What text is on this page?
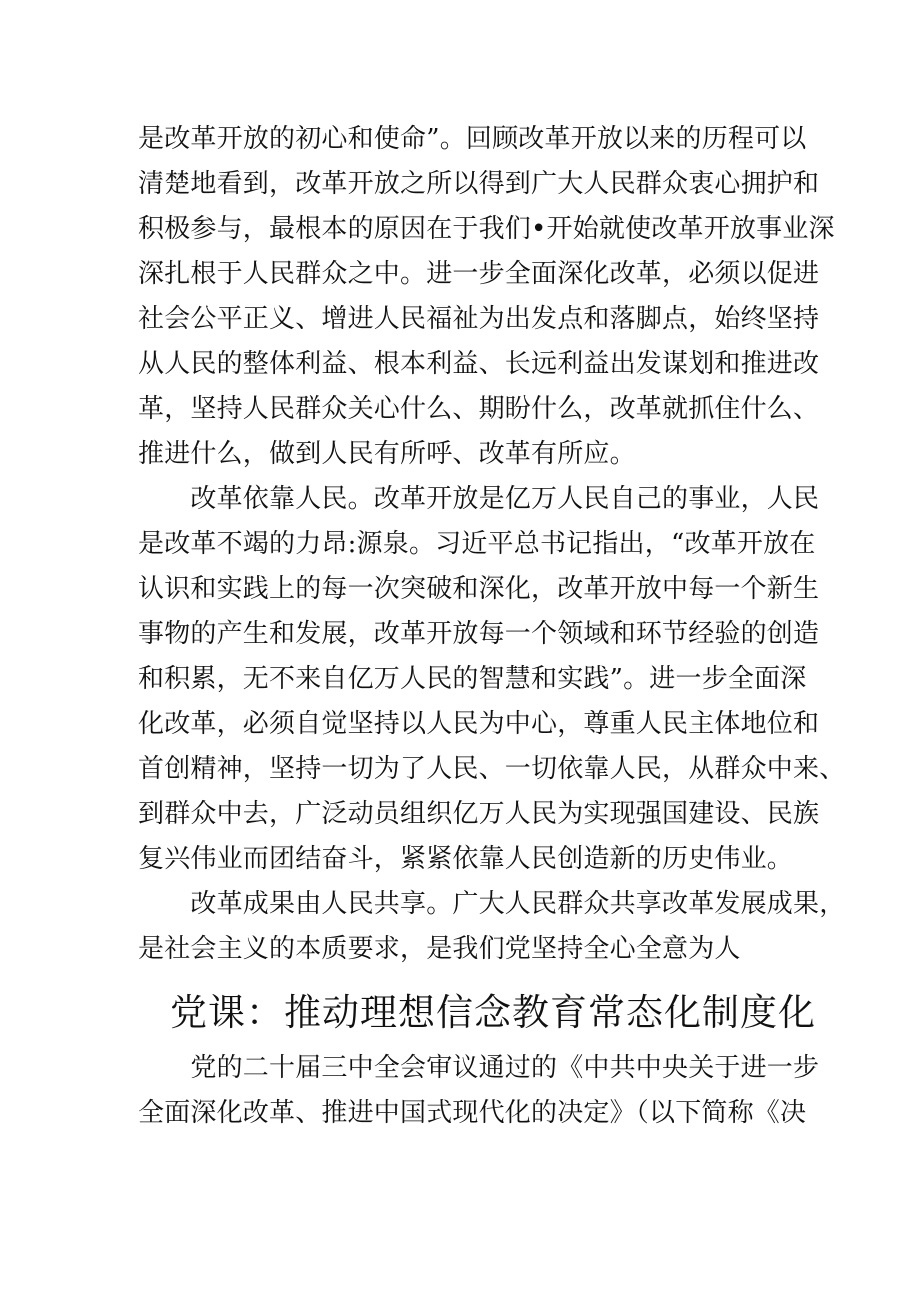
是改革开放的初心和使命”。回顾改革开放以来的历程可以
清楚地看到，改革开放之所以得到广大人民群众衷心拥护和
积极参与，最根本的原因在于我们•开始就使改革开放事业深
深扎根于人民群众之中。进一步全面深化改革，必须以促进
社会公平正义、增进人民福祉为出发点和落脚点，始终坚持
从人民的整体利益、根本利益、长远利益出发谋划和推进改
革，坚持人民群众关心什么、期盼什么，改革就抓住什么、
推进什么，做到人民有所呼、改革有所应。
　　改革依靠人民。改革开放是亿万人民自己的事业，人民
是改革不竭的力昂:源泉。习近平总书记指出，“改革开放在
认识和实践上的每一次突破和深化，改革开放中每一个新生
事物的产生和发展，改革开放每一个领域和环节经验的创造
和积累，无不来自亿万人民的智慧和实践”。进一步全面深
化改革，必须自觉坚持以人民为中心，尊重人民主体地位和
首创精神，坚持一切为了人民、一切依靠人民，从群众中来、
到群众中去，广泛动员组织亿万人民为实现强国建设、民族
复兴伟业而团结奋斗，紧紧依靠人民创造新的历史伟业。
　　改革成果由人民共享。广大人民群众共享改革发展成果，
是社会主义的本质要求，是我们党坚持全心全意为人
党课：推动理想信念教育常态化制度化
　　党的二十届三中全会审议通过的《中共中央关于进一步
全面深化改革、推进中国式现代化的决定》（以下简称《决
